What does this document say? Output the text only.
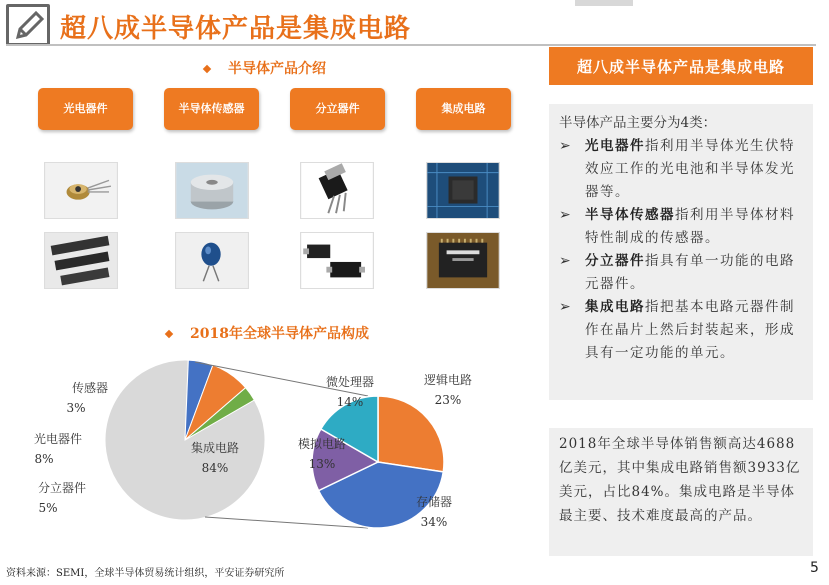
超八成半导体产品是集成电路
半导体产品介绍
光电器件	半导体传感器	分立器件	集成电路
2018年全球半导体产品构成
集成电路
84%
分立器件
5%
光电器件
8%
传感器
3%
逻辑电路
23%
存储器
34%
模拟电路
13%
微处理器
14%
超八成半导体产品是集成电路
半导体产品主要分为4类：
➢ 光电器件指利用半导体光生伏特效应工作的光电池和半导体发光器等。
➢ 半导体传感器指利用半导体材料特性制成的传感器。
➢ 分立器件指具有单一功能的电路元器件。
➢ 集成电路指把基本电路元器件制作在晶片上然后封装起来，形成具有一定功能的单元。
2018年全球半导体销售额高达4688亿美元，其中集成电路销售额3933亿美元，占比84%。集成电路是半导体最主要、技术难度最高的产品。
资料来源：SEMI，全球半导体贸易统计组织，平安证券研究所	5
